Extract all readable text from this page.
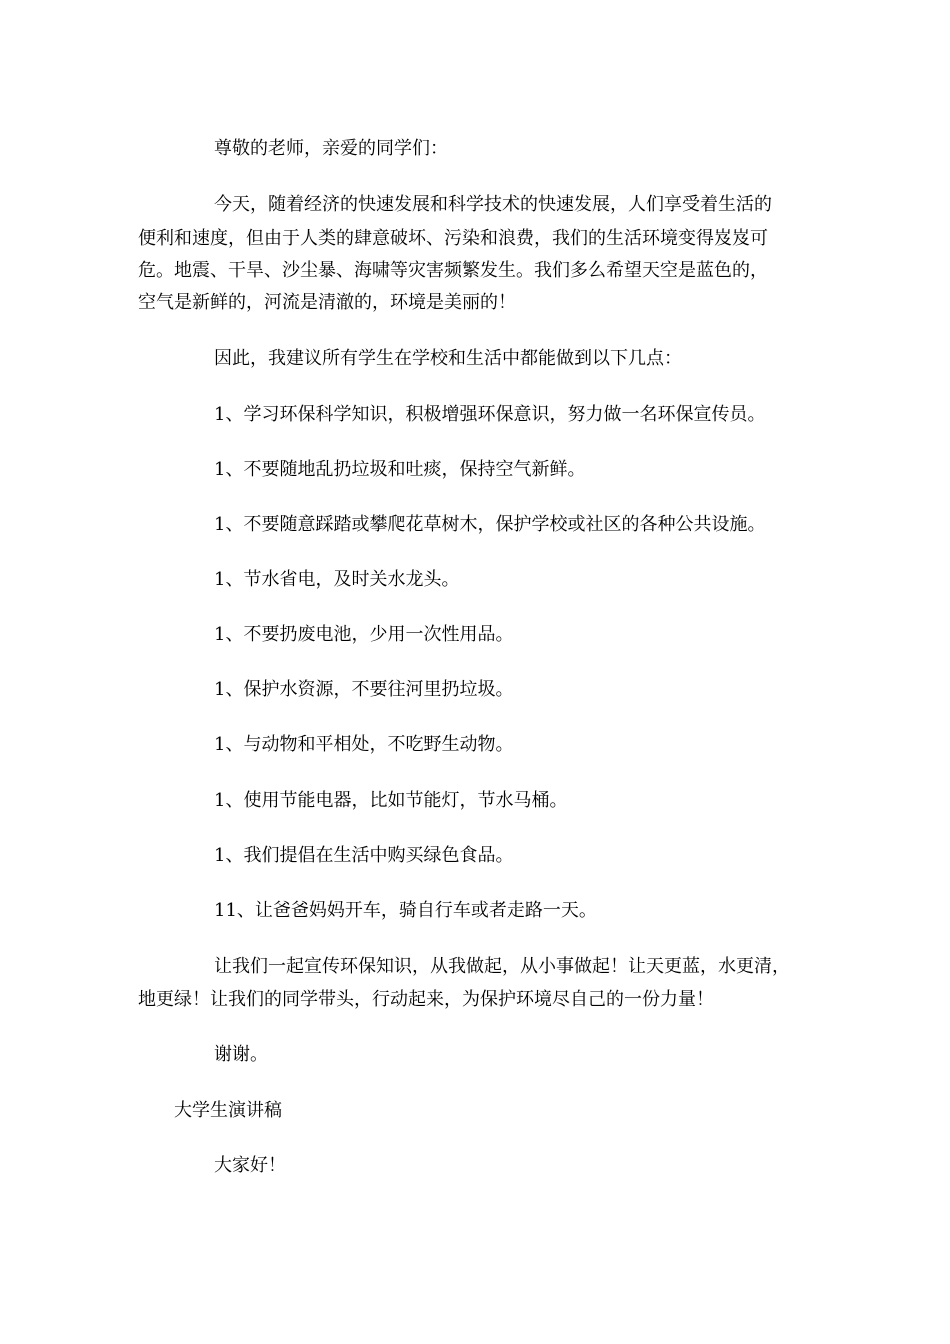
尊敬的老师，亲爱的同学们：
今天，随着经济的快速发展和科学技术的快速发展，人们享受着生活的
便利和速度，但由于人类的肆意破坏、污染和浪费，我们的生活环境变得岌岌可
危。地震、干旱、沙尘暴、海啸等灾害频繁发生。我们多么希望天空是蓝色的，
空气是新鲜的，河流是清澈的，环境是美丽的！
因此，我建议所有学生在学校和生活中都能做到以下几点：
1、学习环保科学知识，积极增强环保意识，努力做一名环保宣传员。
1、不要随地乱扔垃圾和吐痰，保持空气新鲜。
1、不要随意踩踏或攀爬花草树木，保护学校或社区的各种公共设施。
1、节水省电，及时关水龙头。
1、不要扔废电池，少用一次性用品。
1、保护水资源，不要往河里扔垃圾。
1、与动物和平相处，不吃野生动物。
1、使用节能电器，比如节能灯，节水马桶。
1、我们提倡在生活中购买绿色食品。
11、让爸爸妈妈开车，骑自行车或者走路一天。
让我们一起宣传环保知识，从我做起，从小事做起！让天更蓝，水更清，
地更绿！让我们的同学带头，行动起来，为保护环境尽自己的一份力量！
谢谢。
大学生演讲稿
大家好！
